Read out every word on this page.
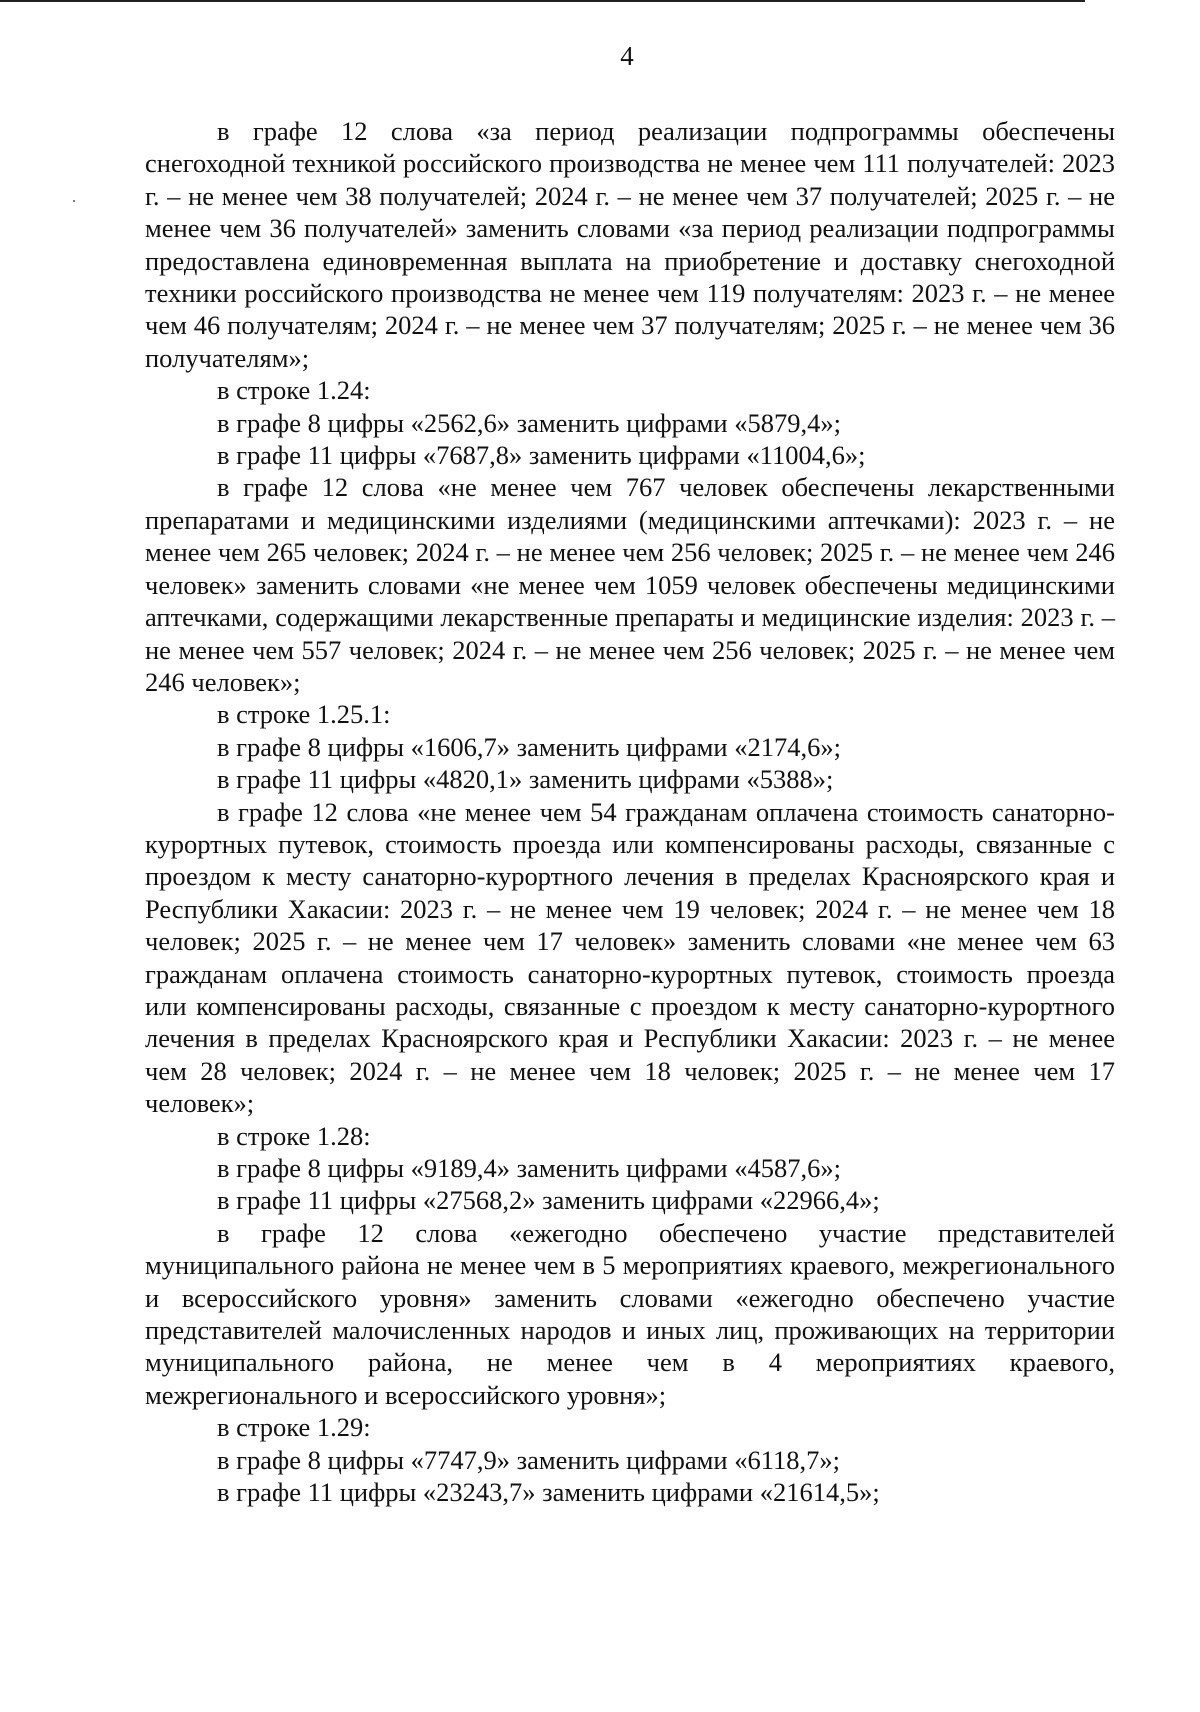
4

в графе 12 слова «за период реализации подпрограммы обеспечены снегоходной техникой российского производства не менее чем 111 получателей: 2023 г. – не менее чем 38 получателей; 2024 г. – не менее чем 37 получателей; 2025 г. – не менее чем 36 получателей» заменить словами «за период реализации подпрограммы предоставлена единовременная выплата на приобретение и доставку снегоходной техники российского производства не менее чем 119 получателям: 2023 г. – не менее чем 46 получателям; 2024 г. – не менее чем 37 получателям; 2025 г. – не менее чем 36 получателям»;

в строке 1.24:

в графе 8 цифры «2562,6» заменить цифрами «5879,4»;

в графе 11 цифры «7687,8» заменить цифрами «11004,6»;

в графе 12 слова «не менее чем 767 человек обеспечены лекарственными препаратами и медицинскими изделиями (медицинскими аптечками): 2023 г. – не менее чем 265 человек; 2024 г. – не менее чем 256 человек; 2025 г. – не менее чем 246 человек» заменить словами «не менее чем 1059 человек обеспечены медицинскими аптечками, содержащими лекарственные препараты и медицинские изделия: 2023 г. – не менее чем 557 человек; 2024 г. – не менее чем 256 человек; 2025 г. – не менее чем 246 человек»;

в строке 1.25.1:

в графе 8 цифры «1606,7» заменить цифрами «2174,6»;

в графе 11 цифры «4820,1» заменить цифрами «5388»;

в графе 12 слова «не менее чем 54 гражданам оплачена стоимость санаторно-курортных путевок, стоимость проезда или компенсированы расходы, связанные с проездом к месту санаторно-курортного лечения в пределах Красноярского края и Республики Хакасии: 2023 г. – не менее чем 19 человек; 2024 г. – не менее чем 18 человек; 2025 г. – не менее чем 17 человек» заменить словами «не менее чем 63 гражданам оплачена стоимость санаторно-курортных путевок, стоимость проезда или компенсированы расходы, связанные с проездом к месту санаторно-курортного лечения в пределах Красноярского края и Республики Хакасии: 2023 г. – не менее чем 28 человек; 2024 г. – не менее чем 18 человек; 2025 г. – не менее чем 17 человек»;

в строке 1.28:

в графе 8 цифры «9189,4» заменить цифрами «4587,6»;

в графе 11 цифры «27568,2» заменить цифрами «22966,4»;

в графе 12 слова «ежегодно обеспечено участие представителей муниципального района не менее чем в 5 мероприятиях краевого, межрегионального и всероссийского уровня» заменить словами «ежегодно обеспечено участие представителей малочисленных народов и иных лиц, проживающих на территории муниципального района, не менее чем в 4 мероприятиях краевого, межрегионального и всероссийского уровня»;

в строке 1.29:

в графе 8 цифры «7747,9» заменить цифрами «6118,7»;

в графе 11 цифры «23243,7» заменить цифрами «21614,5»;
